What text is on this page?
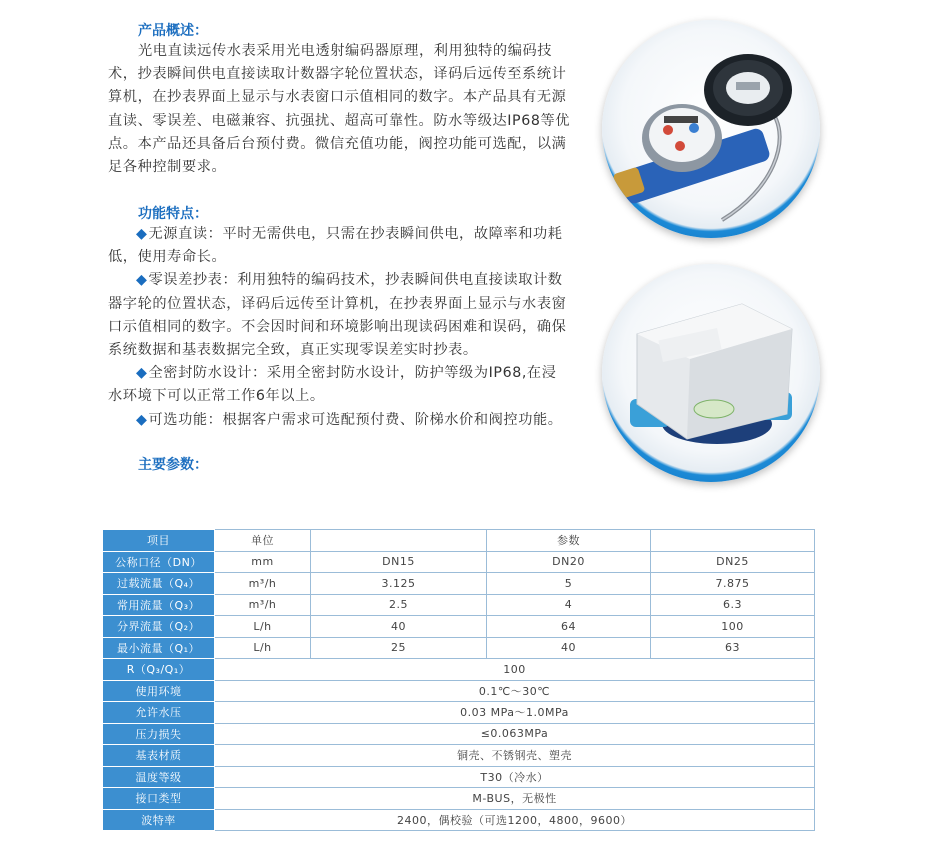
产品概述：
光电直读远传水表采用光电透射编码器原理，利用独特的编码技
术，抄表瞬间供电直接读取计数器字轮位置状态，译码后远传至系统计
算机，在抄表界面上显示与水表窗口示值相同的数字。本产品具有无源
直读、零误差、电磁兼容、抗强扰、超高可靠性。防水等级达IP68等优
点。本产品还具备后台预付费。微信充值功能，阀控功能可选配，以满
足各种控制要求。
功能特点：
◆无源直读：平时无需供电，只需在抄表瞬间供电，故障率和功耗
低，使用寿命长。
◆零误差抄表：利用独特的编码技术，抄表瞬间供电直接读取计数
器字轮的位置状态，译码后远传至计算机，在抄表界面上显示与水表窗
口示值相同的数字。不会因时间和环境影响出现读码困难和误码，确保
系统数据和基表数据完全致，真正实现零误差实时抄表。
◆全密封防水设计：采用全密封防水设计，防护等级为IP68,在浸
水环境下可以正常工作6年以上。
◆可选功能：根据客户需求可选配预付费、阶梯水价和阀控功能。
主要参数：
项目	单位		参数	
公称口径（DN）	mm	DN15	DN20	DN25
过载流量（Q₄）	m³/h	3.125	5	7.875
常用流量（Q₃）	m³/h	2.5	4	6.3
分界流量（Q₂）	L/h	40	64	100
最小流量（Q₁）	L/h	25	40	63
R（Q₃/Q₁）	100			
使用环境	0.1℃～30℃			
允许水压	0.03 MPa～1.0MPa			
压力损失	≤0.063MPa			
基表材质	铜壳、不锈钢壳、塑壳			
温度等级	T30（冷水）			
接口类型	M-BUS，无极性			
波特率	2400，偶校验（可选1200，4800，9600）			
